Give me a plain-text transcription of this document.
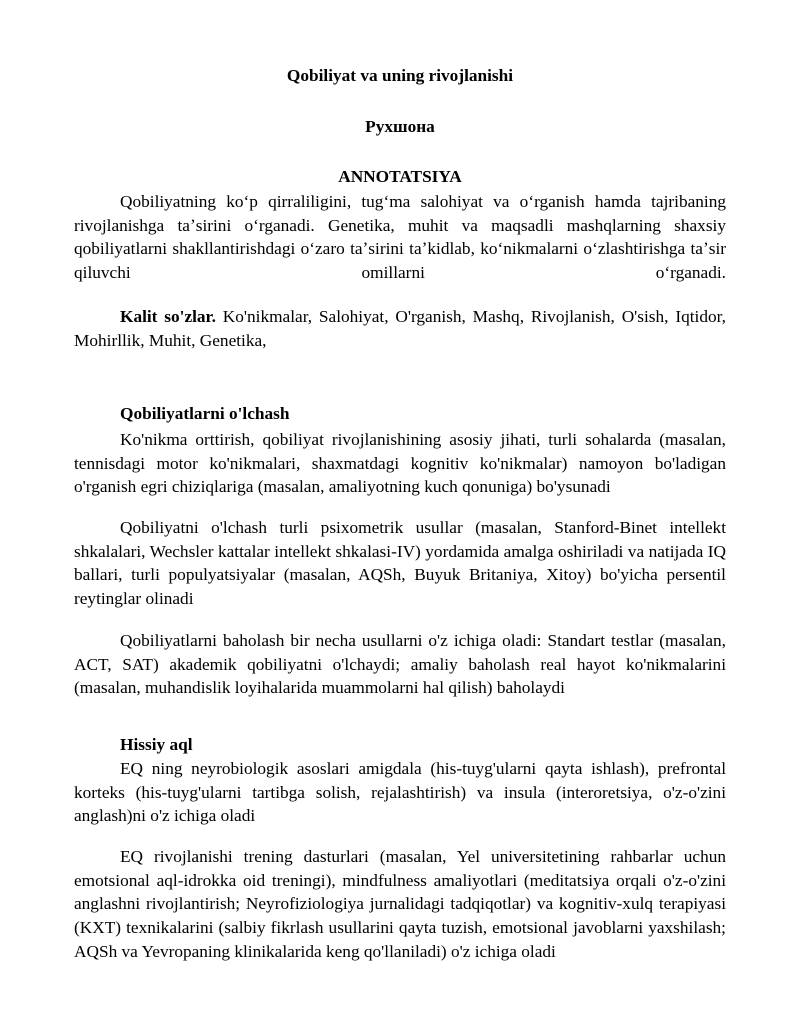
Qobiliyat va uning rivojlanishi
Рухшона
ANNOTATSIYA

Qobiliyatning koʻp qirraliligini, tugʻma salohiyat va oʻrganish hamda tajribaning rivojlanishga taʼsirini oʻrganadi. Genetika, muhit va maqsadli mashqlarning shaxsiy qobiliyatlarni shakllantirishdagi oʻzaro taʼsirini taʼkidlab, koʻnikmalarni oʻzlashtirishga taʼsir qiluvchi omillarni oʻrganadi.

Kalit so'zlar. Ko'nikmalar, Salohiyat, O'rganish, Mashq, Rivojlanish, O'sish, Iqtidor, Mohirllik, Muhit, Genetika,

Qobiliyatlarni o'lchash

Ko'nikma orttirish, qobiliyat rivojlanishining asosiy jihati, turli sohalarda (masalan, tennisdagi motor ko'nikmalari, shaxmatdagi kognitiv ko'nikmalar) namoyon bo'ladigan o'rganish egri chiziqlariga (masalan, amaliyotning kuch qonuniga) bo'ysunadi

Qobiliyatni o'lchash turli psixometrik usullar (masalan, Stanford-Binet intellekt shkalalari, Wechsler kattalar intellekt shkalasi-IV) yordamida amalga oshiriladi va natijada IQ ballari, turli populyatsiyalar (masalan, AQSh, Buyuk Britaniya, Xitoy) bo'yicha persentil reytinglar olinadi

Qobiliyatlarni baholash bir necha usullarni o'z ichiga oladi: Standart testlar (masalan, ACT, SAT) akademik qobiliyatni o'lchaydi; amaliy baholash real hayot ko'nikmalarini (masalan, muhandislik loyihalarida muammolarni hal qilish) baholaydi

Hissiy aql

EQ ning neyrobiologik asoslari amigdala (his-tuyg'ularni qayta ishlash), prefrontal korteks (his-tuyg'ularni tartibga solish, rejalashtirish) va insula (interoretsiya, o'z-o'zini anglash)ni o'z ichiga oladi

EQ rivojlanishi trening dasturlari (masalan, Yel universitetining rahbarlar uchun emotsional aql-idrokka oid treningi), mindfulness amaliyotlari (meditatsiya orqali o'z-o'zini anglashni rivojlantirish; Neyrofiziologiya jurnalidagi tadqiqotlar) va kognitiv-xulq terapiyasi (KXT) texnikalarini (salbiy fikrlash usullarini qayta tuzish, emotsional javoblarni yaxshilash; AQSh va Yevropaning klinikalarida keng qo'llaniladi) o'z ichiga oladi
